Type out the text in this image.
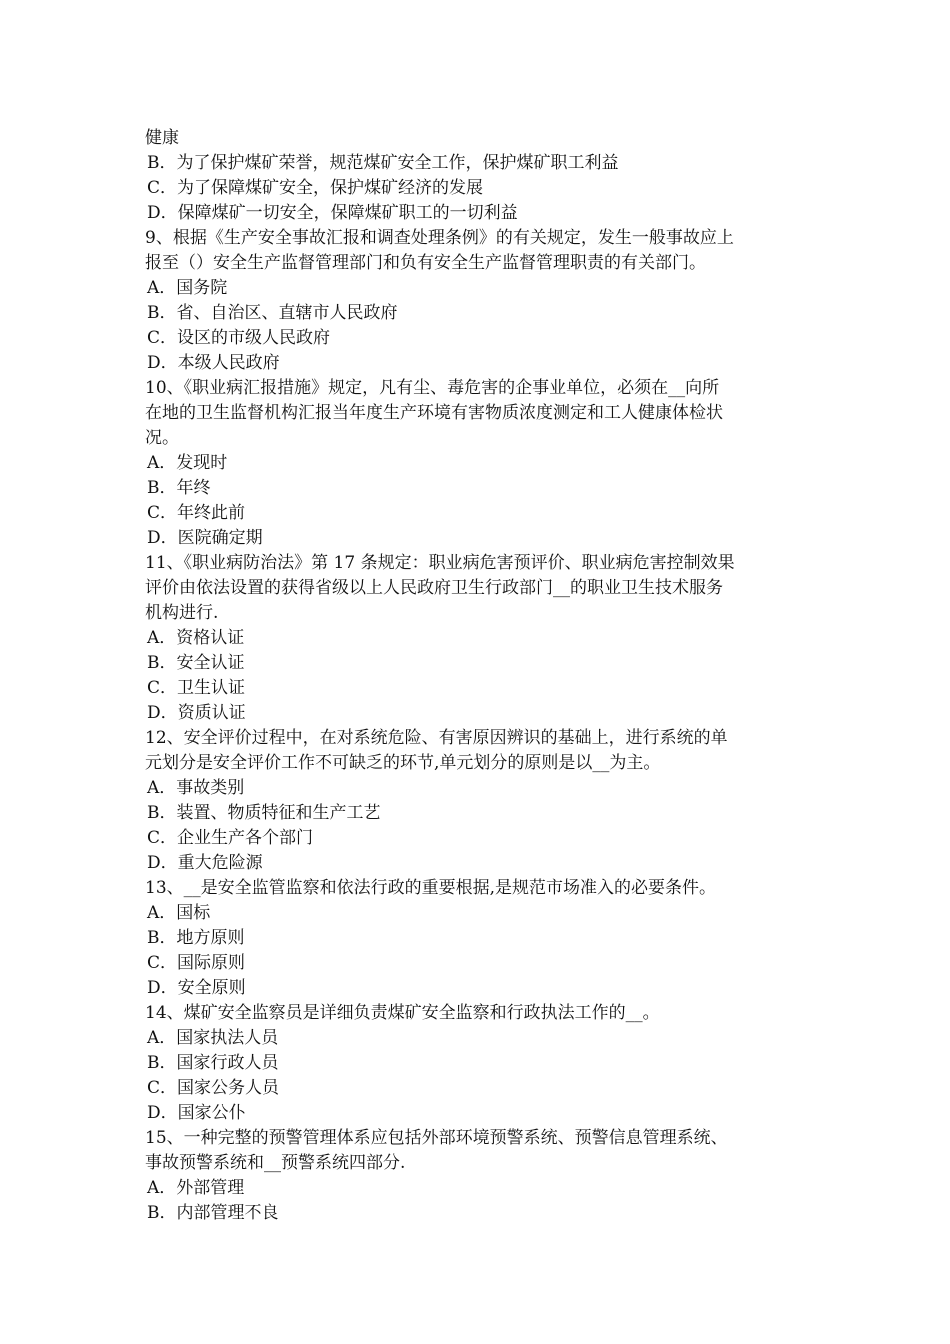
健康
B．为了保护煤矿荣誉，规范煤矿安全工作，保护煤矿职工利益
C．为了保障煤矿安全，保护煤矿经济的发展
D．保障煤矿一切安全，保障煤矿职工的一切利益
9、根据《生产安全事故汇报和调查处理条例》的有关规定，发生一般事故应上
报至（）安全生产监督管理部门和负有安全生产监督管理职责的有关部门。
A．国务院
B．省、自治区、直辖市人民政府
C．设区的市级人民政府
D．本级人民政府
10、《职业病汇报措施》规定，凡有尘、毒危害的企事业单位，必须在__向所
在地的卫生监督机构汇报当年度生产环境有害物质浓度测定和工人健康体检状
况。
A．发现时
B．年终
C．年终此前
D．医院确定期
11、《职业病防治法》第 17 条规定：职业病危害预评价、职业病危害控制效果
评价由依法设置的获得省级以上人民政府卫生行政部门__的职业卫生技术服务
机构进行.
A．资格认证
B．安全认证
C．卫生认证
D．资质认证
12、安全评价过程中，在对系统危险、有害原因辨识的基础上，进行系统的单
元划分是安全评价工作不可缺乏的环节,单元划分的原则是以__为主。
A．事故类别
B．装置、物质特征和生产工艺
C．企业生产各个部门
D．重大危险源
13、__是安全监管监察和依法行政的重要根据,是规范市场准入的必要条件。
A．国标
B．地方原则
C．国际原则
D．安全原则
14、煤矿安全监察员是详细负责煤矿安全监察和行政执法工作的__。
A．国家执法人员
B．国家行政人员
C．国家公务人员
D．国家公仆
15、一种完整的预警管理体系应包括外部环境预警系统、预警信息管理系统、
事故预警系统和__预警系统四部分.
A．外部管理
B．内部管理不良
